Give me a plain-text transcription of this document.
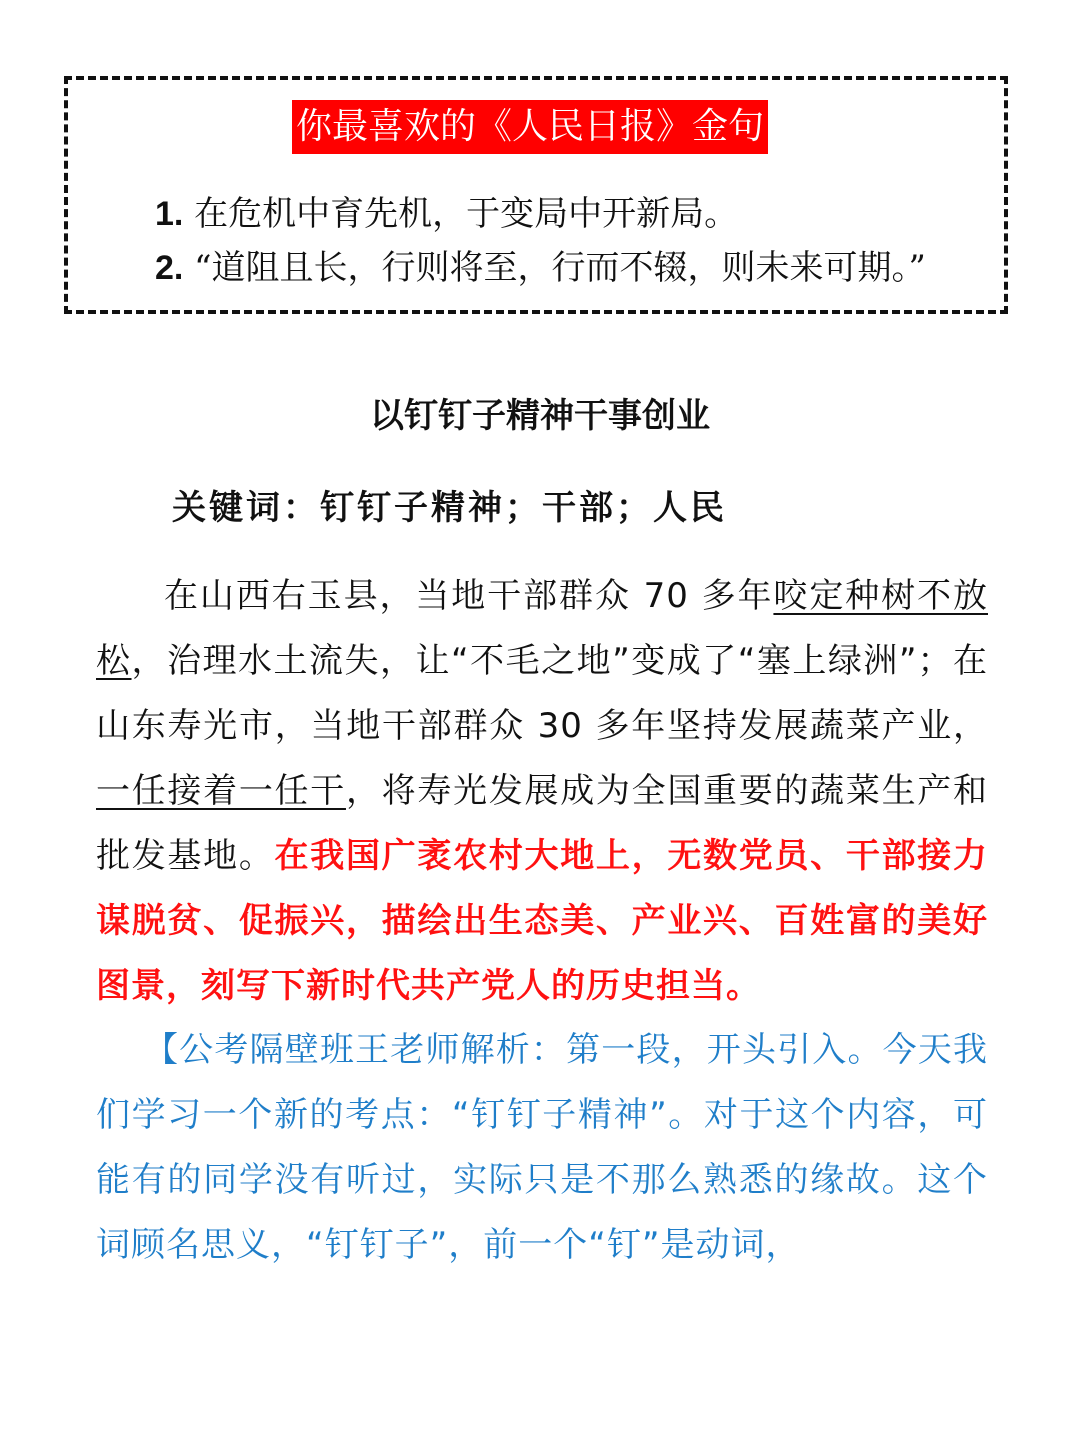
你最喜欢的《人民日报》金句
1. 在危机中育先机，于变局中开新局。
2. “道阻且长，行则将至，行而不辍，则未来可期。”
以钉钉子精神干事创业
关键词：钉钉子精神；干部；人民
在山西右玉县，当地干部群众 70 多年咬定种树不放松，治理水土流失，让“不毛之地”变成了“塞上绿洲”；在山东寿光市，当地干部群众 30 多年坚持发展蔬菜产业，一任接着一任干，将寿光发展成为全国重要的蔬菜生产和批发基地。在我国广袤农村大地上，无数党员、干部接力谋脱贫、促振兴，描绘出生态美、产业兴、百姓富的美好图景，刻写下新时代共产党人的历史担当。
【公考隔壁班王老师解析：第一段，开头引入。今天我们学习一个新的考点：“钉钉子精神”。对于这个内容，可能有的同学没有听过，实际只是不那么熟悉的缘故。这个词顾名思义，“钉钉子”，前一个“钉”是动词，
